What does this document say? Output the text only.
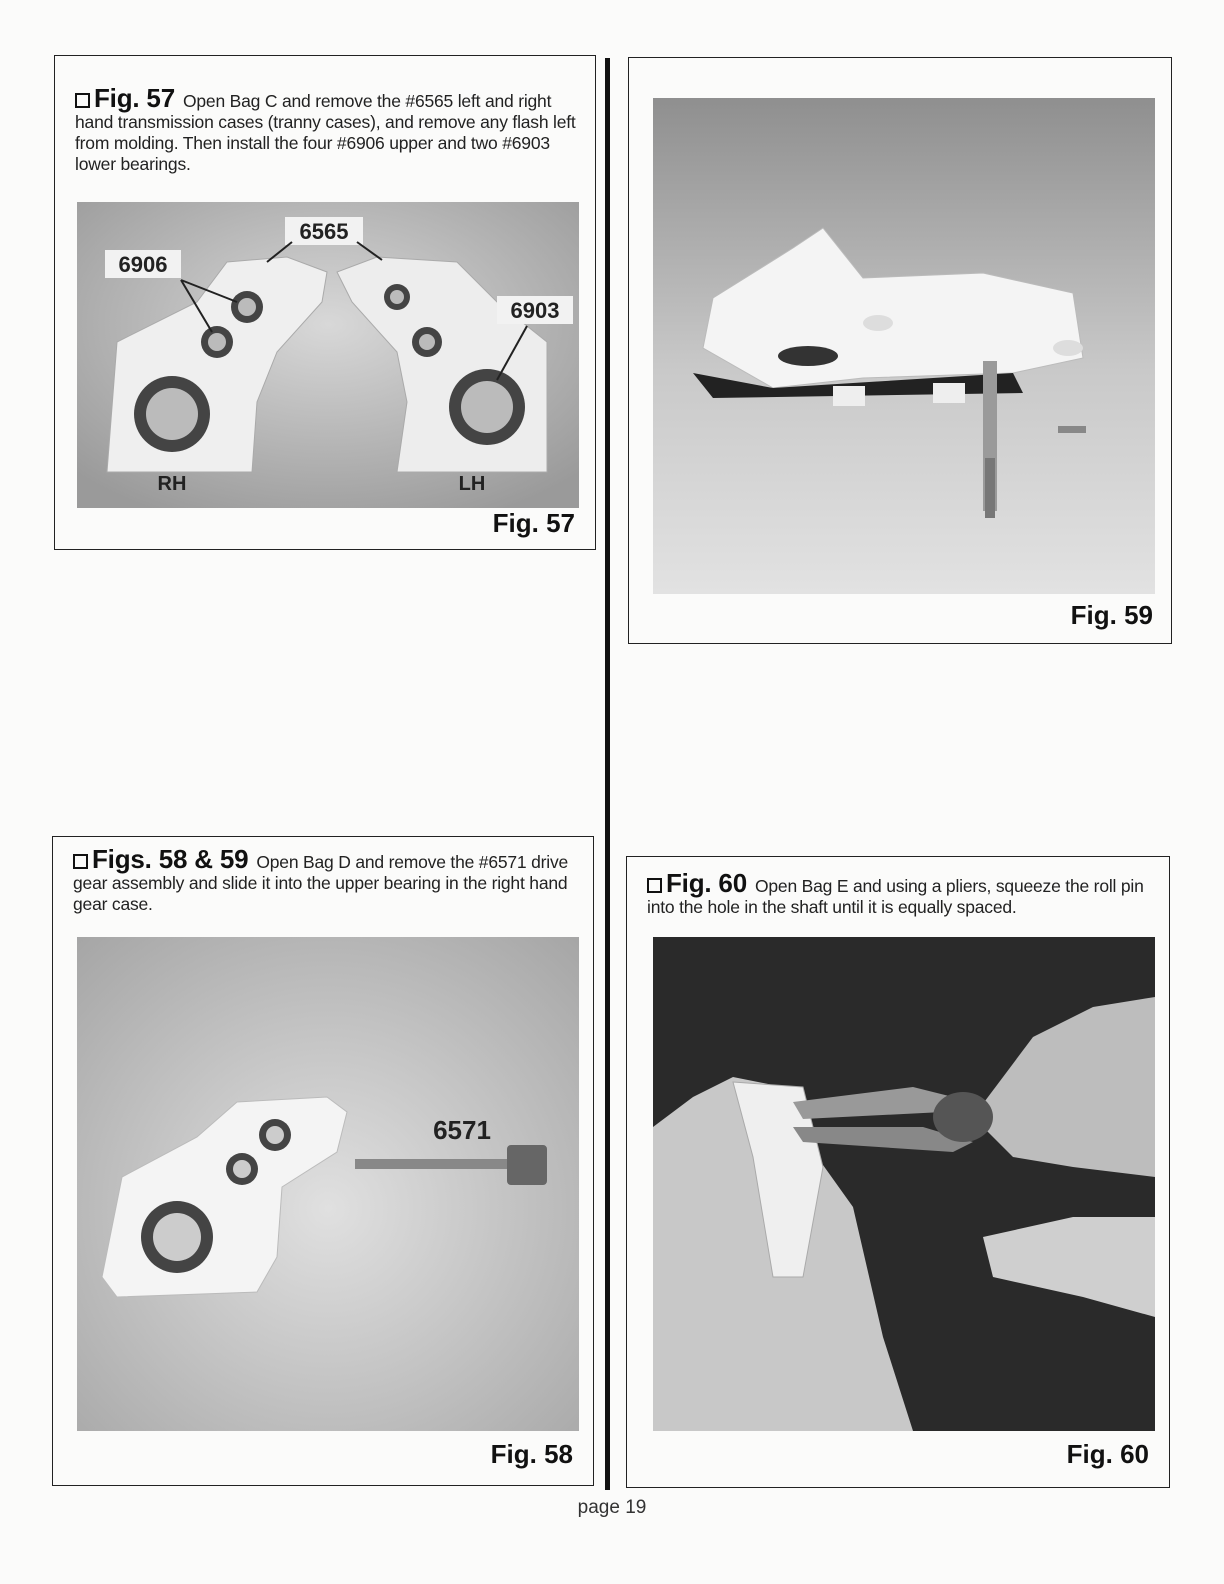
Fig. 57 Open Bag C and remove the #6565 left and right hand transmission cases (tranny cases), and remove any flash left from molding. Then install the four #6906 upper and two #6903 lower bearings.
6565
6906
6903
RH	LH
Fig. 57
Fig. 59
Figs. 58 & 59 Open Bag D and remove the #6571 drive gear assembly and slide it into the upper bearing in the right hand gear case.
6571
Fig. 58
Fig. 60 Open Bag E and using a pliers, squeeze the roll pin into the hole in the shaft until it is equally spaced.
Fig. 60
page 19
